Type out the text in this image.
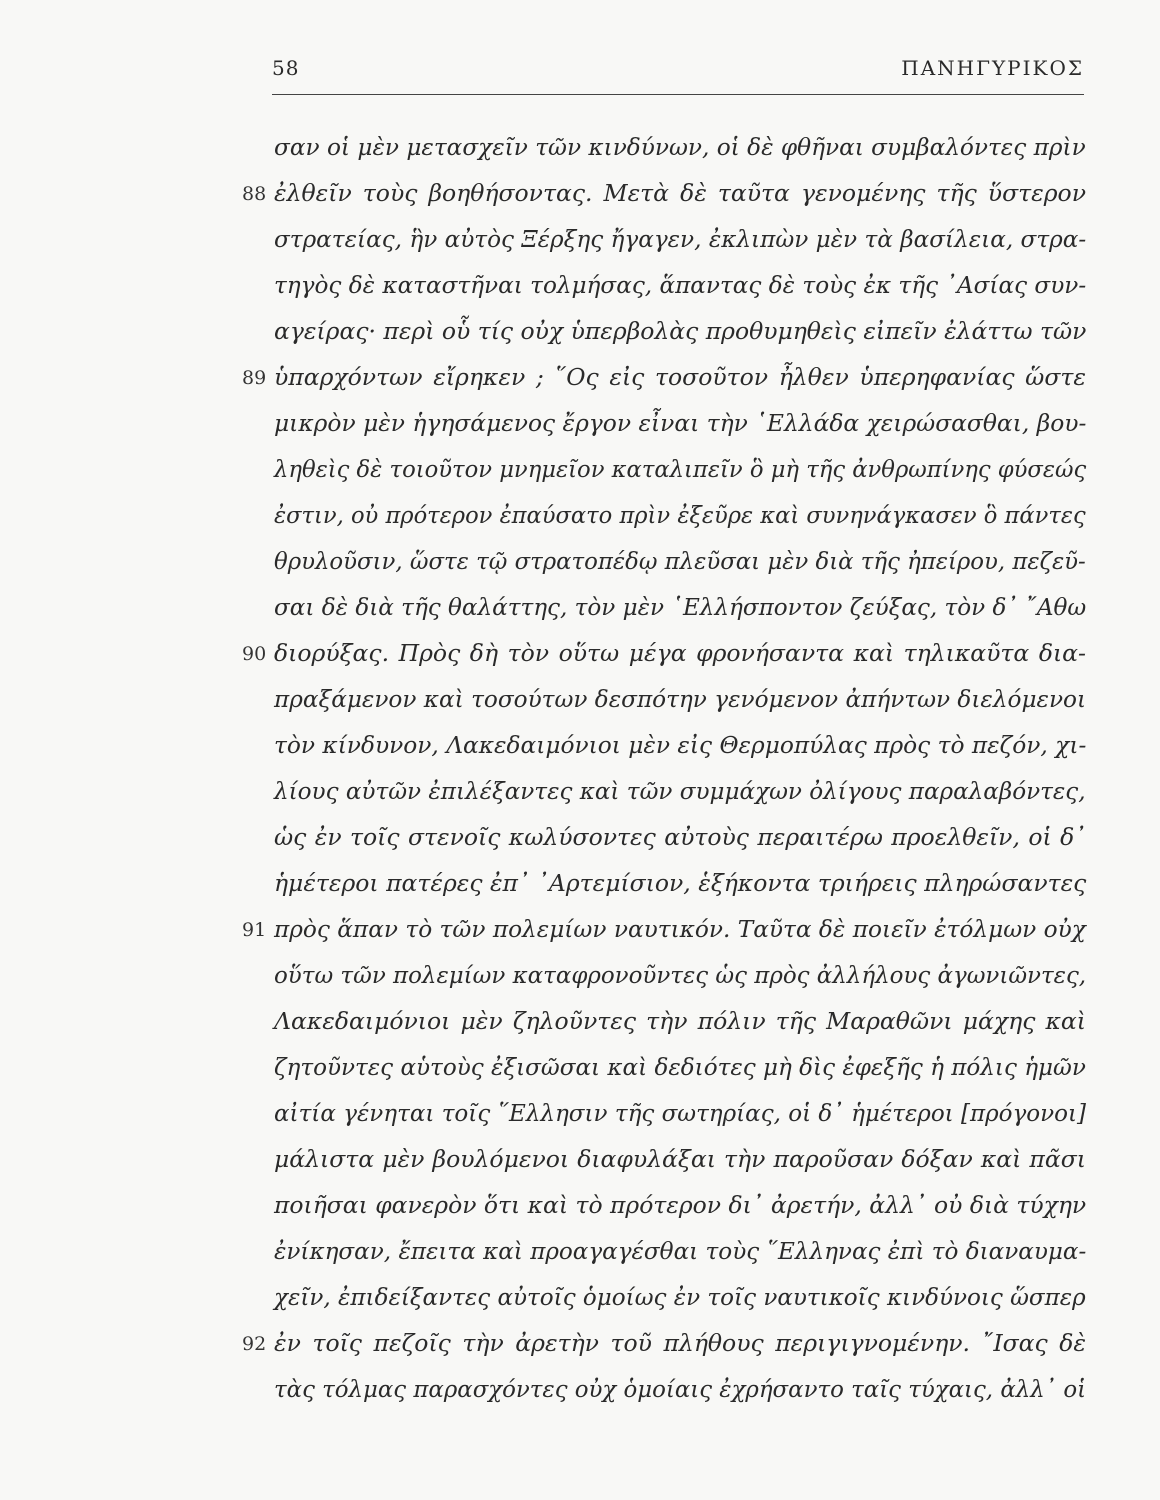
58	ΠΑΝΗΓΥΡΙΚΟΣ
σαν οἱ μὲν μετασχεῖν τῶν κινδύνων, οἱ δὲ φθῆναι συμβαλόντες πρὶν
88 ἐλθεῖν τοὺς βοηθήσοντας. Μετὰ δὲ ταῦτα γενομένης τῆς ὕστερον
στρατείας, ἣν αὐτὸς Ξέρξης ἤγαγεν, ἐκλιπὼν μὲν τὰ βασίλεια, στρα-
τηγὸς δὲ καταστῆναι τολμήσας, ἅπαντας δὲ τοὺς ἐκ τῆς ᾿Ασίας συν-
αγείρας· περὶ οὗ τίς οὐχ ὑπερβολὰς προθυμηθεὶς εἰπεῖν ἐλάττω τῶν
89 ὑπαρχόντων εἴρηκεν ; ῞Ος εἰς τοσοῦτον ἦλθεν ὑπερηφανίας ὥστε
μικρὸν μὲν ἡγησάμενος ἔργον εἶναι τὴν ῾Ελλάδα χειρώσασθαι, βου-
ληθεὶς δὲ τοιοῦτον μνημεῖον καταλιπεῖν ὃ μὴ τῆς ἀνθρωπίνης φύσεώς
ἐστιν, οὐ πρότερον ἐπαύσατο πρὶν ἐξεῦρε καὶ συνηνάγκασεν ὃ πάντες
θρυλοῦσιν, ὥστε τῷ στρατοπέδῳ πλεῦσαι μὲν διὰ τῆς ἠπείρου, πεζεῦ-
σαι δὲ διὰ τῆς θαλάττης, τὸν μὲν ῾Ελλήσποντον ζεύξας, τὸν δ᾿ ῎Αθω
90 διορύξας. Πρὸς δὴ τὸν οὕτω μέγα φρονήσαντα καὶ τηλικαῦτα δια-
πραξάμενον καὶ τοσούτων δεσπότην γενόμενον ἀπήντων διελόμενοι
τὸν κίνδυνον, Λακεδαιμόνιοι μὲν εἰς Θερμοπύλας πρὸς τὸ πεζόν, χι-
λίους αὐτῶν ἐπιλέξαντες καὶ τῶν συμμάχων ὀλίγους παραλαβόντες,
ὡς ἐν τοῖς στενοῖς κωλύσοντες αὐτοὺς περαιτέρω προελθεῖν, οἱ δ᾿
ἡμέτεροι πατέρες ἐπ᾿ ᾿Αρτεμίσιον, ἑξήκοντα τριήρεις πληρώσαντες
91 πρὸς ἅπαν τὸ τῶν πολεμίων ναυτικόν. Ταῦτα δὲ ποιεῖν ἐτόλμων οὐχ
οὕτω τῶν πολεμίων καταφρονοῦντες ὡς πρὸς ἀλλήλους ἀγωνιῶντες,
Λακεδαιμόνιοι μὲν ζηλοῦντες τὴν πόλιν τῆς Μαραθῶνι μάχης καὶ
ζητοῦντες αὑτοὺς ἐξισῶσαι καὶ δεδιότες μὴ δὶς ἐφεξῆς ἡ πόλις ἡμῶν
αἰτία γένηται τοῖς ῞Ελλησιν τῆς σωτηρίας, οἱ δ᾿ ἡμέτεροι [πρόγονοι]
μάλιστα μὲν βουλόμενοι διαφυλάξαι τὴν παροῦσαν δόξαν καὶ πᾶσι
ποιῆσαι φανερὸν ὅτι καὶ τὸ πρότερον δι᾿ ἀρετήν, ἀλλ᾿ οὐ διὰ τύχην
ἐνίκησαν, ἔπειτα καὶ προαγαγέσθαι τοὺς ῞Ελληνας ἐπὶ τὸ διαναυμα-
χεῖν, ἐπιδείξαντες αὐτοῖς ὁμοίως ἐν τοῖς ναυτικοῖς κινδύνοις ὥσπερ
92 ἐν τοῖς πεζοῖς τὴν ἀρετὴν τοῦ πλήθους περιγιγνομένην. ῎Ισας δὲ
τὰς τόλμας παρασχόντες οὐχ ὁμοίαις ἐχρήσαντο ταῖς τύχαις, ἀλλ᾿ οἱ
